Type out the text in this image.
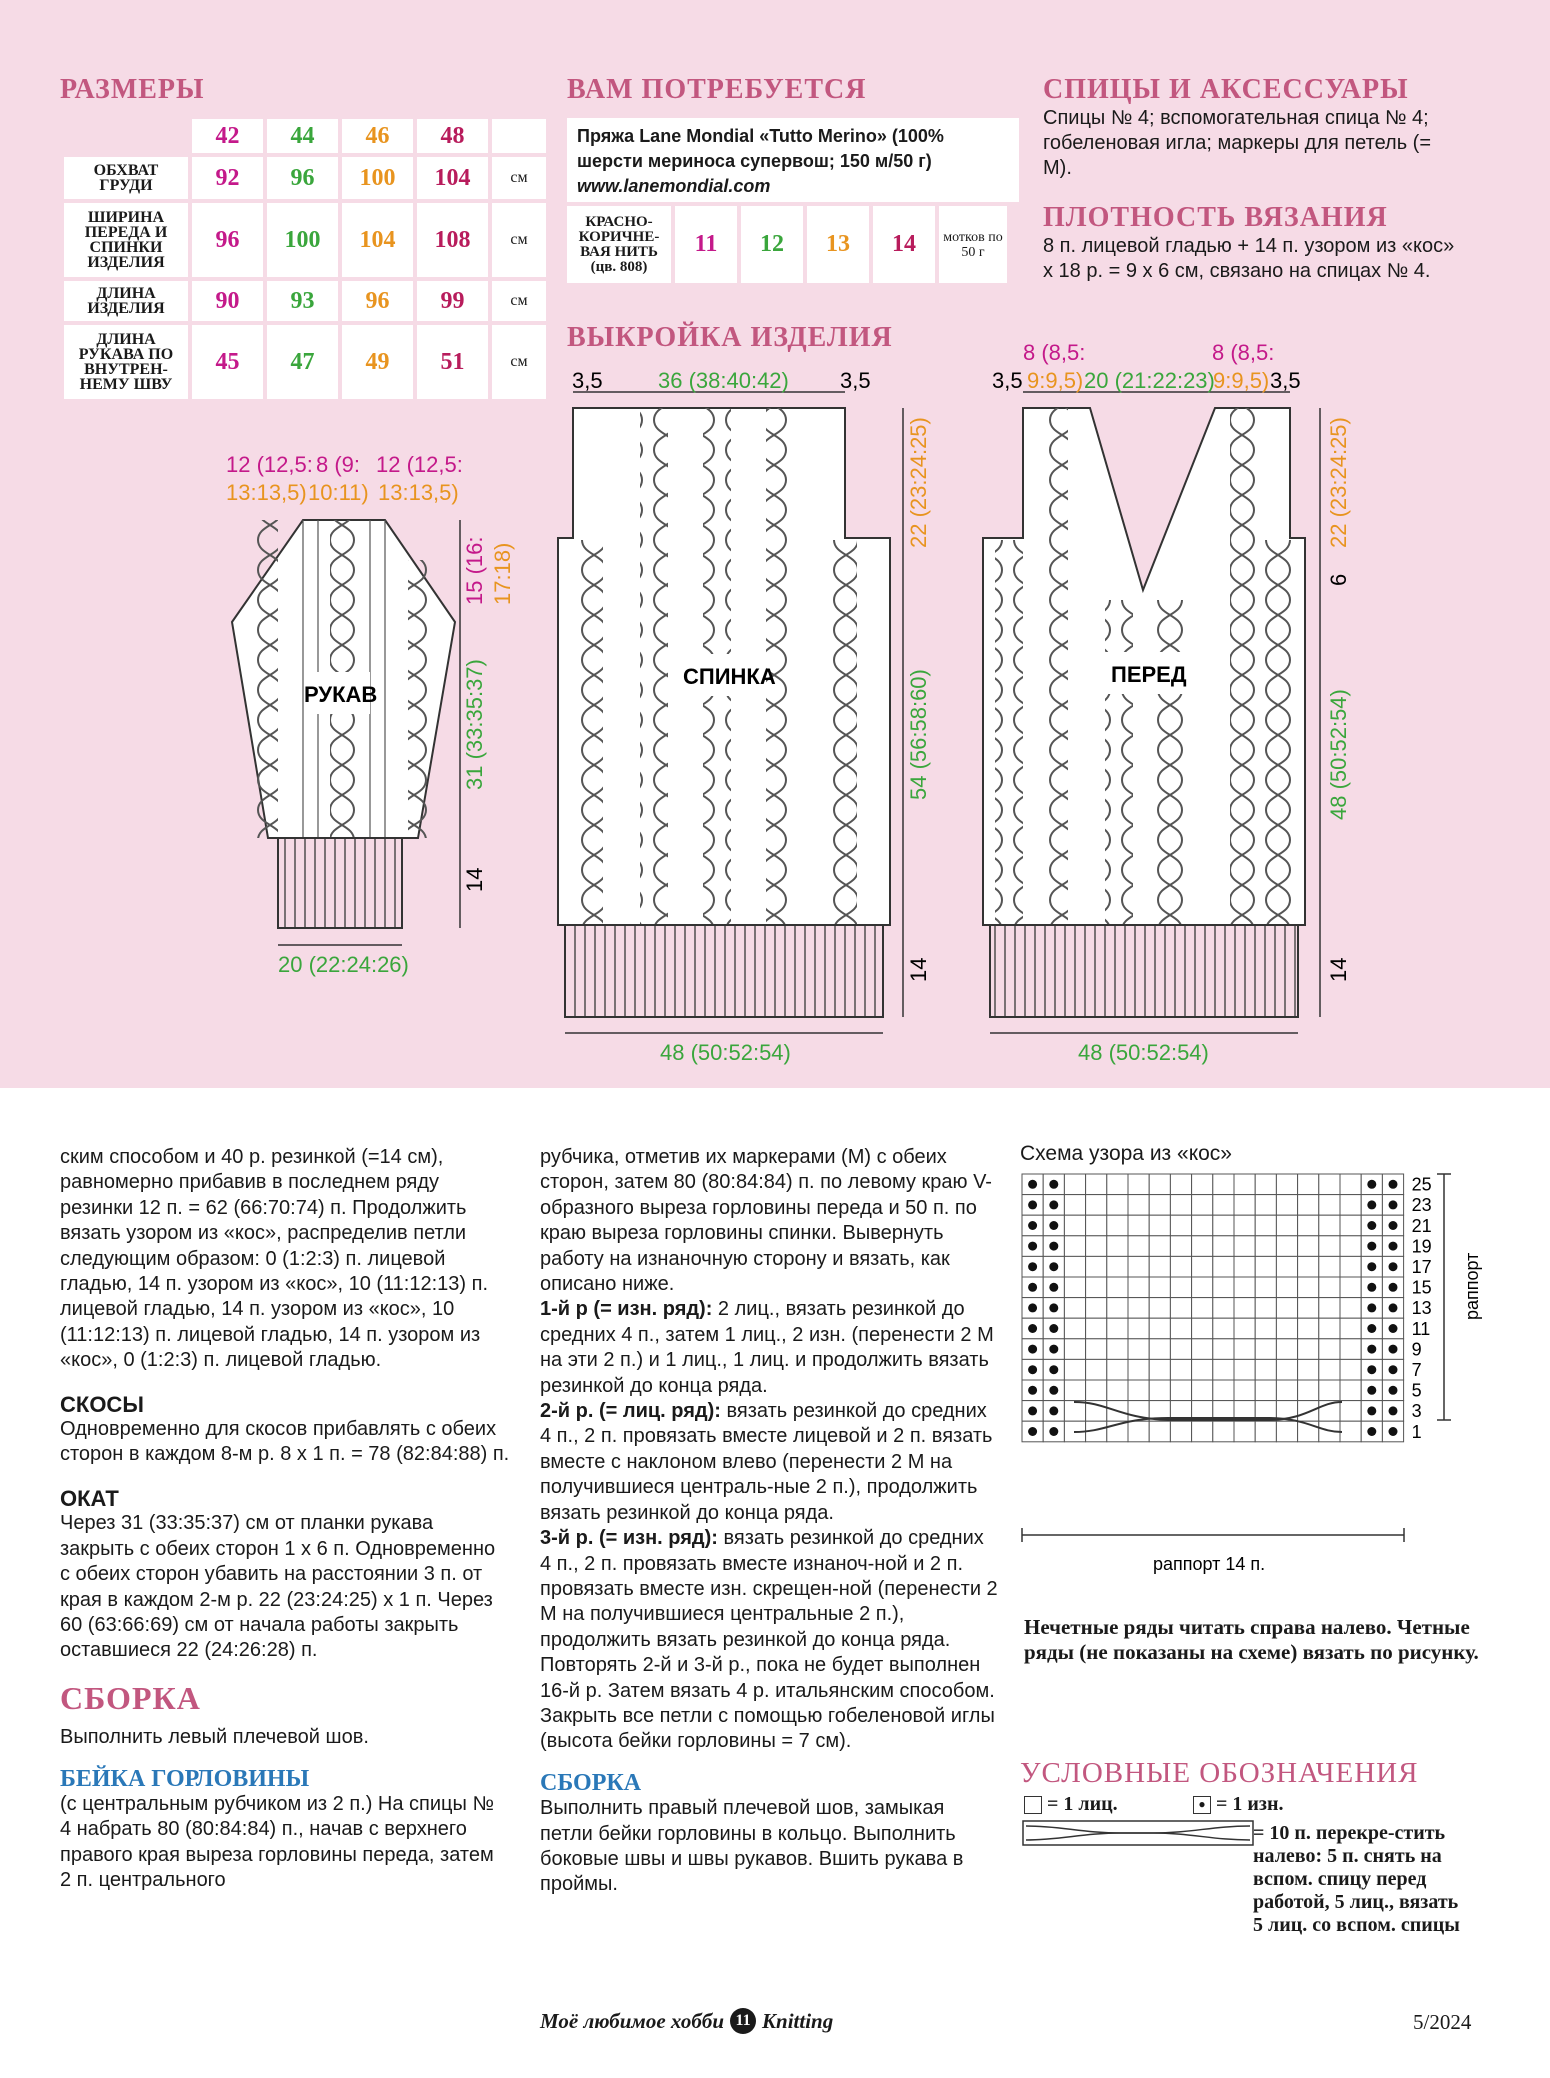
РАЗМЕРЫ
	42	44	46	48	
ОБХВАТ ГРУДИ	92	96	100	104	см
ШИРИНА ПЕРЕДА И СПИНКИ ИЗДЕЛИЯ	96	100	104	108	см
ДЛИНА ИЗДЕЛИЯ	90	93	96	99	см
ДЛИНА РУКАВА ПО ВНУТРЕН-НЕМУ ШВУ	45	47	49	51	см
ВАМ ПОТРЕБУЕТСЯ
Пряжа Lane Mondial «Tutto Merino» (100% шерсти мериноса супервош; 150 м/50 г)
www.lanemondial.com
КРАСНО-КОРИЧНЕ-ВАЯ НИТЬ (цв. 808)
11	12	13	14	мотков по 50 г
СПИЦЫ И АКСЕССУАРЫ
Спицы № 4; вспомогательная спица № 4; гобеленовая игла; маркеры для петель (= М).
ПЛОТНОСТЬ ВЯЗАНИЯ
8 п. лицевой гладью + 14 п. узором из «кос» х 18 р. = 9 х 6 см, связано на спицах № 4.
ВЫКРОЙКА ИЗДЕЛИЯ
РУКАВ
СПИНКА	ПЕРЕД
12 (12,5: 8 (9: 12 (12,5:
13:13,5) 10:11) 13:13,5)
15 (16: 17:18)
31 (33:35:37)
14
20 (22:24:26)
3,5	36 (38:40:42) 3,5
22 (23:24:25)
54 (56:58:60)
14
48 (50:52:54)
8 (8,5:	8 (8,5:
3,5 9:9,5) 20 (21:22:23)
9:9,5) 3,5
22 (23:24:25)
6
48 (50:52:54)
14
48 (50:52:54)

ским способом и 40 р. резинкой (=14 см), равномерно прибавив в последнем ряду резинки 12 п. = 62 (66:70:74) п. Продолжить вязать узором из «кос», распределив петли следующим образом: 0 (1:2:3) п. лицевой гладью, 14 п. узором из «кос», 10 (11:12:13) п. лицевой гладью, 14 п. узором из «кос», 10 (11:12:13) п. лицевой гладью, 14 п. узором из «кос», 0 (1:2:3) п. лицевой гладью.

СКОСЫ

Одновременно для скосов прибавлять с обеих сторон в каждом 8-м р. 8 х 1 п. = 78 (82:84:88) п.

ОКАТ

Через 31 (33:35:37) см от планки рукава закрыть с обеих сторон 1 х 6 п. Одновременно с обеих сторон убавить на расстоянии 3 п. от края в каждом 2-м р. 22 (23:24:25) х 1 п. Через 60 (63:66:69) см от начала работы закрыть оставшиеся 22 (24:26:28) п.

СБОРКА

Выполнить левый плечевой шов.

БЕЙКА ГОРЛОВИНЫ

(с центральным рубчиком из 2 п.) На спицы № 4 набрать 80 (80:84:84) п., начав с верхнего правого края выреза горловины переда, затем 2 п. центрального

рубчика, отметив их маркерами (М) с обеих сторон, затем 80 (80:84:84) п. по левому краю V-образного выреза горловины переда и 50 п. по краю выреза горловины спинки. Вывернуть работу на изнаночную сторону и вязать, как описано ниже.

1-й р (= изн. ряд): 2 лиц., вязать резинкой до средних 4 п., затем 1 лиц., 2 изн. (перенести 2 М на эти 2 п.) и 1 лиц., 1 лиц. и продолжить вязать резинкой до конца ряда.

2-й р. (= лиц. ряд): вязать резинкой до средних 4 п., 2 п. провязать вместе лицевой и 2 п. вязать вместе с наклоном влево (перенести 2 М на получившиеся централь-ные 2 п.), продолжить вязать резинкой до конца ряда.

3-й р. (= изн. ряд): вязать резинкой до средних 4 п., 2 п. провязать вместе изнаноч-ной и 2 п. провязать вместе изн. скрещен-ной (перенести 2 М на получившиеся центральные 2 п.), продолжить вязать резинкой до конца ряда.

Повторять 2-й и 3-й р., пока не будет выполнен 16-й р. Затем вязать 4 р. итальянским способом. Закрыть все петли с помощью гобеленовой иглы (высота бейки горловины = 7 см).

СБОРКА

Выполнить правый плечевой шов, замыкая петли бейки горловины в кольцо. Выполнить боковые швы и швы рукавов. Вшить рукава в проймы.

Схема узора из «кос»
25
23
21
19
17
15
13
11
9
7
5
3
1
раппорт
раппорт 14 п.
Нечетные ряды читать справа налево. Четные ряды (не показаны на схеме) вязать по рисунку.
УСЛОВНЫЕ ОБОЗНАЧЕНИЯ
= 1 лиц.	● = 1 изн.
= 10 п. перекре-стить налево: 5 п. снять на вспом. спицу перед работой, 5 лиц., вязать 5 лиц. со вспом. спицы
Моё любимое хобби 11 Knitting	5/2024
